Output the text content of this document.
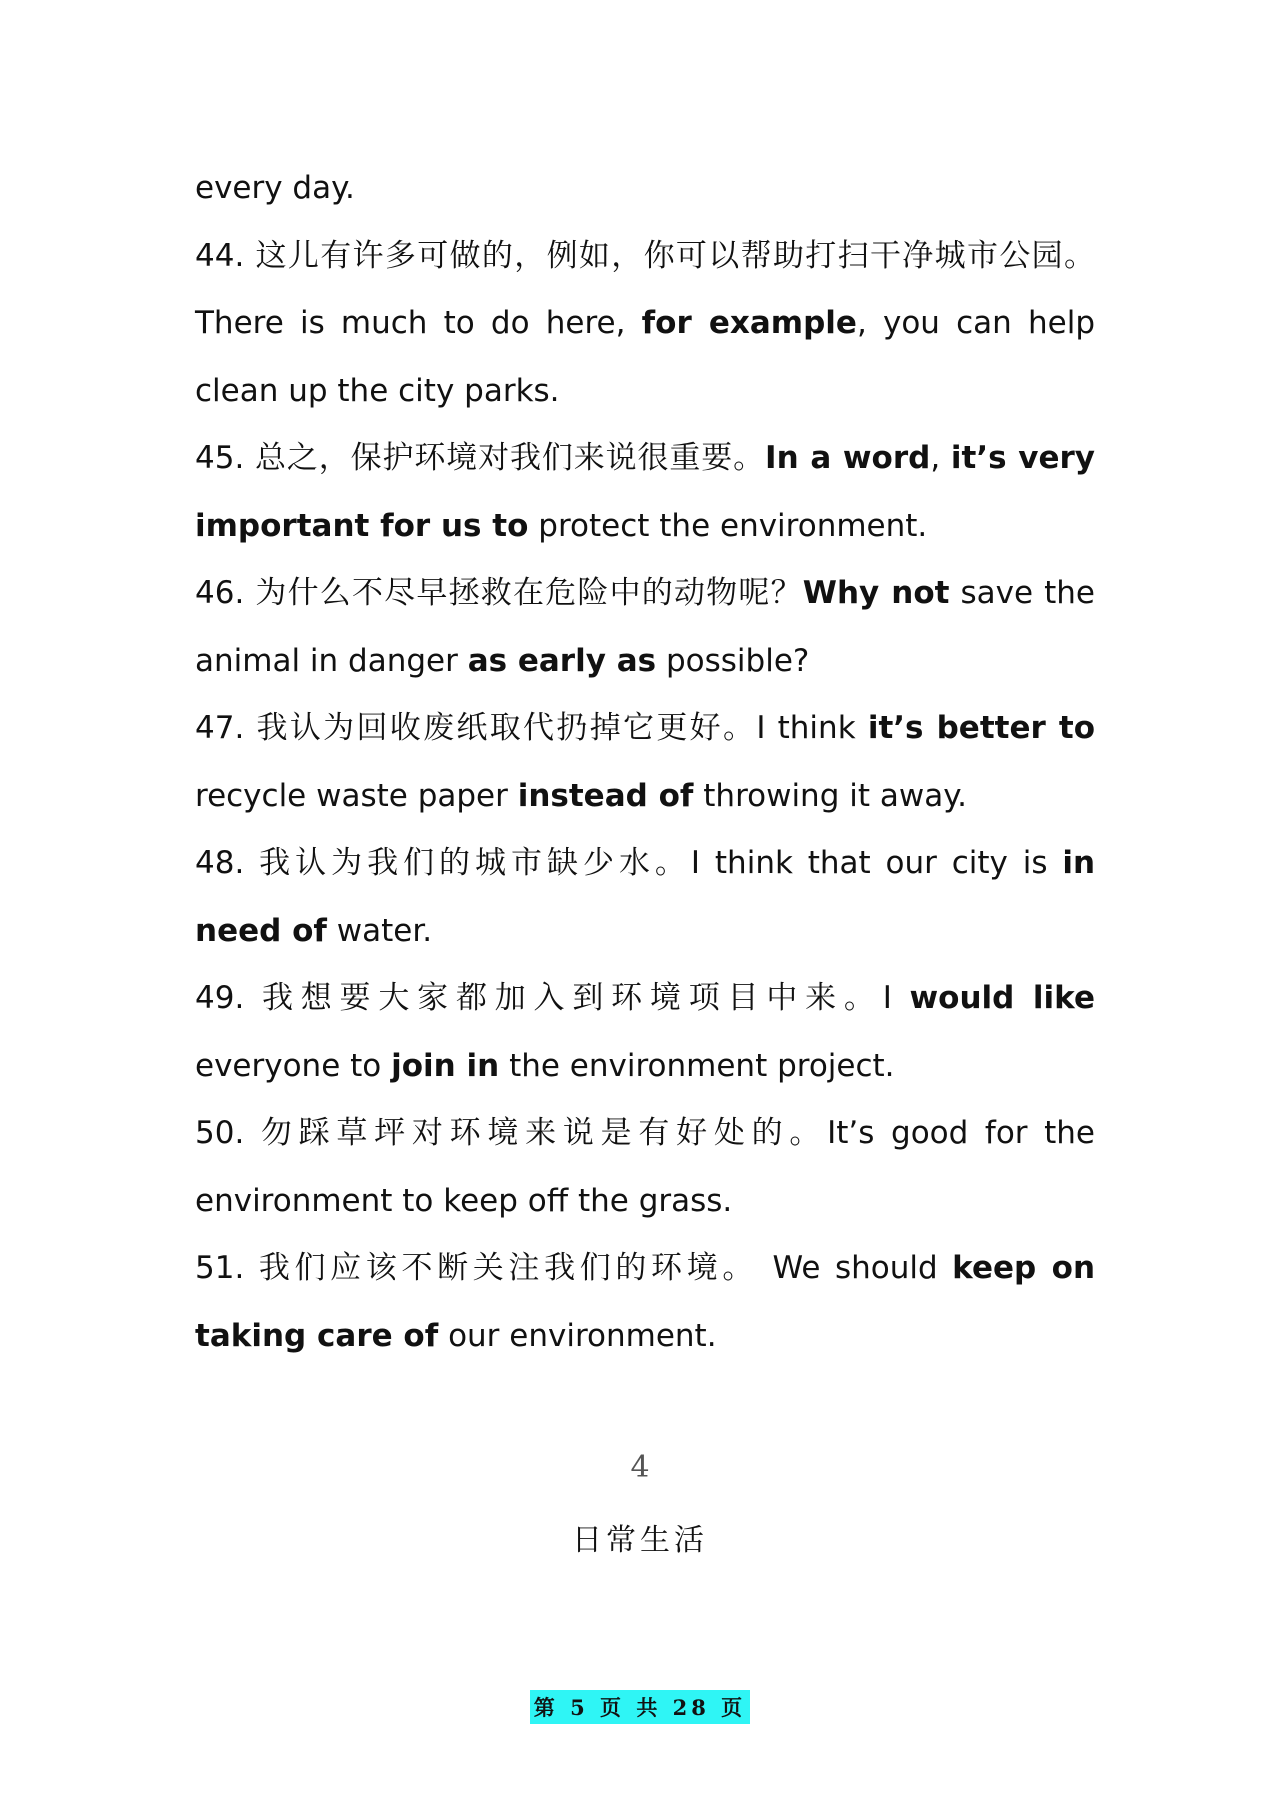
every day.
44. 这儿有许多可做的，例如，你可以帮助打扫干净城市公园。 There is much to do here, for example, you can help clean up the city parks.
45. 总之，保护环境对我们来说很重要。In a word, it’s very important for us to protect the environment.
46. 为什么不尽早拯救在危险中的动物呢？Why not save the animal in danger as early as possible?
47. 我认为回收废纸取代扔掉它更好。I think it’s better to recycle waste paper instead of throwing it away.
48. 我认为我们的城市缺少水。I think that our city is in need of water.
49. 我想要大家都加入到环境项目中来。I would like everyone to join in the environment project.
50. 勿踩草坪对环境来说是有好处的。It’s good for the environment to keep off the grass.
51. 我们应该不断关注我们的环境。 We should keep on taking care of our environment.
4
日常生活
第 5 页 共 28 页
